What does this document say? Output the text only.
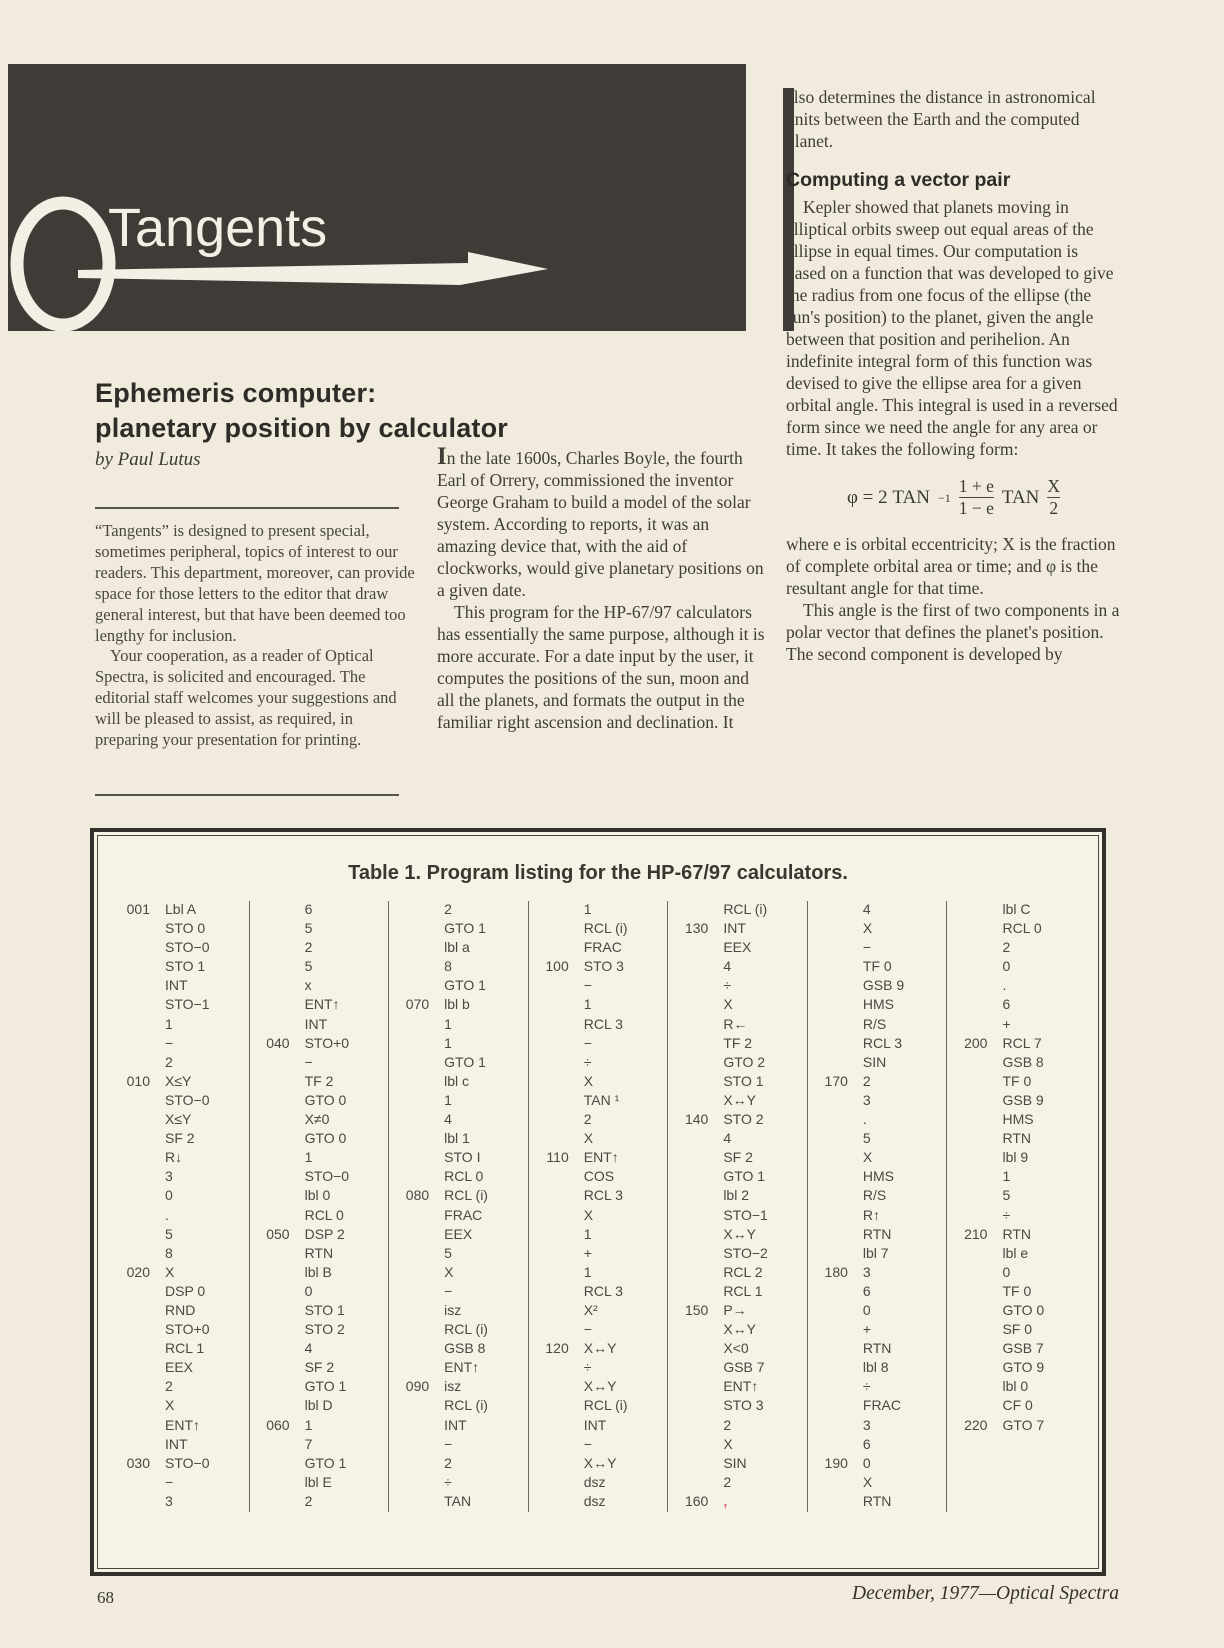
Tangents
Ephemeris computer:
planetary position by calculator
by Paul Lutus

“Tangents” is designed to present special, sometimes peripheral, topics of interest to our readers. This department, moreover, can provide space for those letters to the editor that draw general interest, but that have been deemed too lengthy for inclusion.

Your cooperation, as a reader of Optical Spectra, is solicited and encouraged. The editorial staff welcomes your suggestions and will be pleased to assist, as required, in preparing your presentation for printing.

In the late 1600s, Charles Boyle, the fourth Earl of Orrery, commissioned the inventor George Graham to build a model of the solar system. According to reports, it was an amazing device that, with the aid of clockworks, would give planetary positions on a given date.

This program for the HP-67/97 calculators has essentially the same purpose, although it is more accurate. For a date input by the user, it computes the positions of the sun, moon and all the planets, and formats the output in the familiar right ascension and declination. It

also determines the distance in astronomical units between the Earth and the computed planet.

Computing a vector pair

Kepler showed that planets moving in elliptical orbits sweep out equal areas of the ellipse in equal times. Our computation is based on a function that was developed to give the radius from one focus of the ellipse (the sun's position) to the planet, given the angle between that position and perihelion. An indefinite integral form of this function was devised to give the ellipse area for a given orbital angle. This integral is used in a reversed form since we need the angle for any area or time. It takes the following form:

φ = 2 TAN $-1 \frac{1 + e}{1 - e}$ TAN $\frac{X}{2}$

where e is orbital eccentricity; X is the fraction of complete orbital area or time; and φ is the resultant angle for that time.

This angle is the first of two components in a polar vector that defines the planet's position. The second component is developed by

Table 1. Program listing for the HP-67/97 calculators.
001 Lbl A
STO 0
STO−0
STO 1
INT
STO−1
1
−
2
010 X≤Y
STO−0
X≤Y
SF 2
R↓
3
0
.
5
8
020 X
DSP 0
RND
STO+0
RCL 1
EEX
2
X
ENT↑
INT
030 STO−0
−
3
6
5
2
5
x
ENT↑
INT
040 STO+0
−
TF 2
GTO 0
X≠0
GTO 0
1
STO−0
lbl 0
RCL 0
050 DSP 2
RTN
lbl B
0
STO 1
STO 2
4
SF 2
GTO 1
lbl D
060 1
7
GTO 1
lbl E
2
2
GTO 1
lbl a
8
GTO 1
070 lbl b
1
1
GTO 1
lbl c
1
4
lbl 1
STO I
RCL 0
080 RCL (i)
FRAC
EEX
5
X
−
isz
RCL (i)
GSB 8
ENT↑
090 isz
RCL (i)
INT
−
2
÷
TAN
1
RCL (i)
FRAC
100 STO 3
−
1
RCL 3
−
÷
X
TAN ¹
2
X
110 ENT↑
COS
RCL 3
X
1
+
1
RCL 3
X²
−
120 X↔Y
÷
X↔Y
RCL (i)
INT
−
X↔Y
dsz
dsz
RCL (i)
130 INT
EEX
4
÷
X
R←
TF 2
GTO 2
STO 1
X↔Y
140 STO 2
4
SF 2
GTO 1
lbl 2
STO−1
X↔Y
STO−2
RCL 2
RCL 1
150 P→
X↔Y
X<0
GSB 7
ENT↑
STO 3
2
X
SIN
2
160 ,
4
X
−
TF 0
GSB 9
HMS
R/S
RCL 3
SIN
170 2
3
.
5
X
HMS
R/S
R↑
RTN
lbl 7
180 3
6
0
+
RTN
lbl 8
÷
FRAC
3
6
190 0
X
RTN
lbl C
RCL 0
2
0
.
6
+
200 RCL 7
GSB 8
TF 0
GSB 9
HMS
RTN
lbl 9
1
5
÷
210 RTN
lbl e
0
TF 0
GTO 0
SF 0
GSB 7
GTO 9
lbl 0
CF 0
220 GTO 7
68	December, 1977—Optical Spectra
